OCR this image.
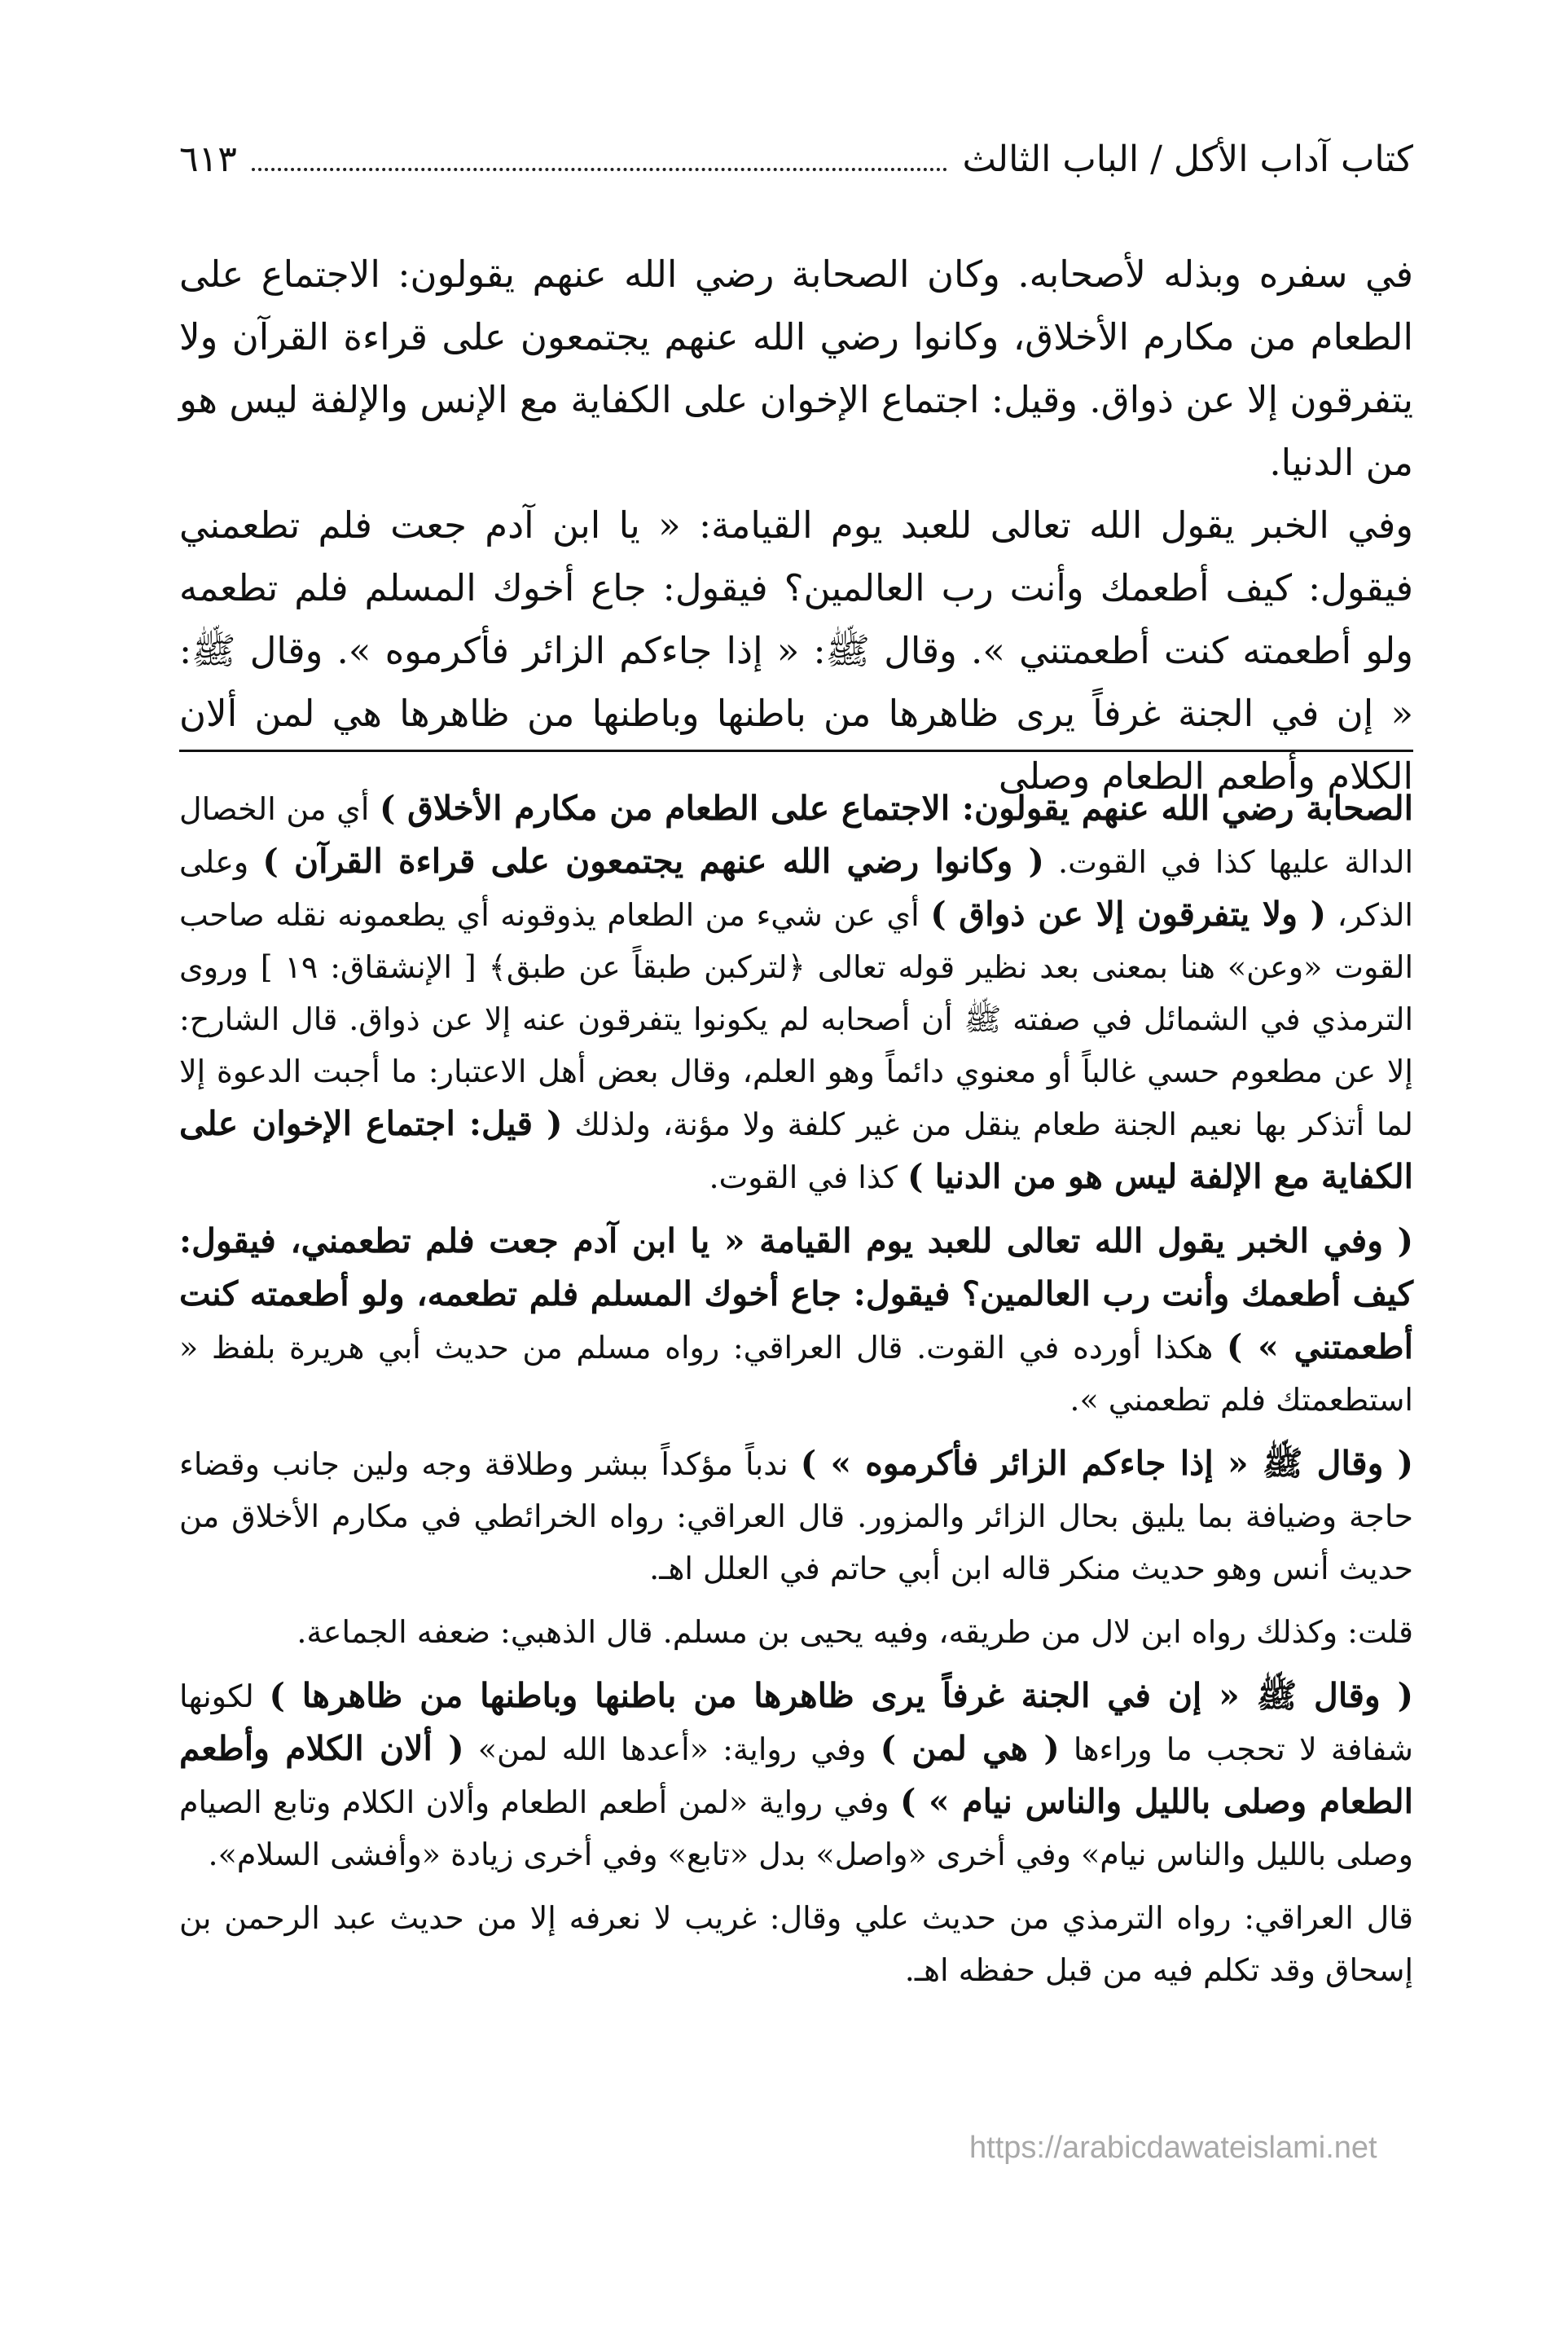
كتاب آداب الأكل / الباب الثالث
٦١٣

في سفره وبذله لأصحابه. وكان الصحابة رضي الله عنهم يقولون: الاجتماع على الطعام من مكارم الأخلاق، وكانوا رضي الله عنهم يجتمعون على قراءة القرآن ولا يتفرقون إلا عن ذواق. وقيل: اجتماع الإخوان على الكفاية مع الإنس والإلفة ليس هو من الدنيا.

وفي الخبر يقول الله تعالى للعبد يوم القيامة: « يا ابن آدم جعت فلم تطعمني فيقول: كيف أطعمك وأنت رب العالمين؟ فيقول: جاع أخوك المسلم فلم تطعمه ولو أطعمته كنت أطعمتني ». وقال ﷺ: « إذا جاءكم الزائر فأكرموه ». وقال ﷺ: « إن في الجنة غرفاً يرى ظاهرها من باطنها وباطنها من ظاهرها هي لمن ألان الكلام وأطعم الطعام وصلى

الصحابة رضي الله عنهم يقولون: الاجتماع على الطعام من مكارم الأخلاق ) أي من الخصال الدالة عليها كذا في القوت. ( وكانوا رضي الله عنهم يجتمعون على قراءة القرآن ) وعلى الذكر، ( ولا يتفرقون إلا عن ذواق ) أي عن شيء من الطعام يذوقونه أي يطعمونه نقله صاحب القوت «وعن» هنا بمعنى بعد نظير قوله تعالى ﴿لتركبن طبقاً عن طبق﴾ [ الإنشقاق: ١٩ ] وروى الترمذي في الشمائل في صفته ﷺ أن أصحابه لم يكونوا يتفرقون عنه إلا عن ذواق. قال الشارح: إلا عن مطعوم حسي غالباً أو معنوي دائماً وهو العلم، وقال بعض أهل الاعتبار: ما أجبت الدعوة إلا لما أتذكر بها نعيم الجنة طعام ينقل من غير كلفة ولا مؤنة، ولذلك ( قيل: اجتماع الإخوان على الكفاية مع الإلفة ليس هو من الدنيا ) كذا في القوت.

( وفي الخبر يقول الله تعالى للعبد يوم القيامة « يا ابن آدم جعت فلم تطعمني، فيقول: كيف أطعمك وأنت رب العالمين؟ فيقول: جاع أخوك المسلم فلم تطعمه، ولو أطعمته كنت أطعمتني » ) هكذا أورده في القوت. قال العراقي: رواه مسلم من حديث أبي هريرة بلفظ « استطعمتك فلم تطعمني ».

( وقال ﷺ « إذا جاءكم الزائر فأكرموه » ) ندباً مؤكداً ببشر وطلاقة وجه ولين جانب وقضاء حاجة وضيافة بما يليق بحال الزائر والمزور. قال العراقي: رواه الخرائطي في مكارم الأخلاق من حديث أنس وهو حديث منكر قاله ابن أبي حاتم في العلل اهـ.

قلت: وكذلك رواه ابن لال من طريقه، وفيه يحيى بن مسلم. قال الذهبي: ضعفه الجماعة.

( وقال ﷺ « إن في الجنة غرفاً يرى ظاهرها من باطنها وباطنها من ظاهرها ) لكونها شفافة لا تحجب ما وراءها ( هي لمن ) وفي رواية: «أعدها الله لمن» ( ألان الكلام وأطعم الطعام وصلى بالليل والناس نيام » ) وفي رواية «لمن أطعم الطعام وألان الكلام وتابع الصيام وصلى بالليل والناس نيام» وفي أخرى «واصل» بدل «تابع» وفي أخرى زيادة «وأفشى السلام».

قال العراقي: رواه الترمذي من حديث علي وقال: غريب لا نعرفه إلا من حديث عبد الرحمن بن إسحاق وقد تكلم فيه من قبل حفظه اهـ.

https://arabicdawateislami.net
